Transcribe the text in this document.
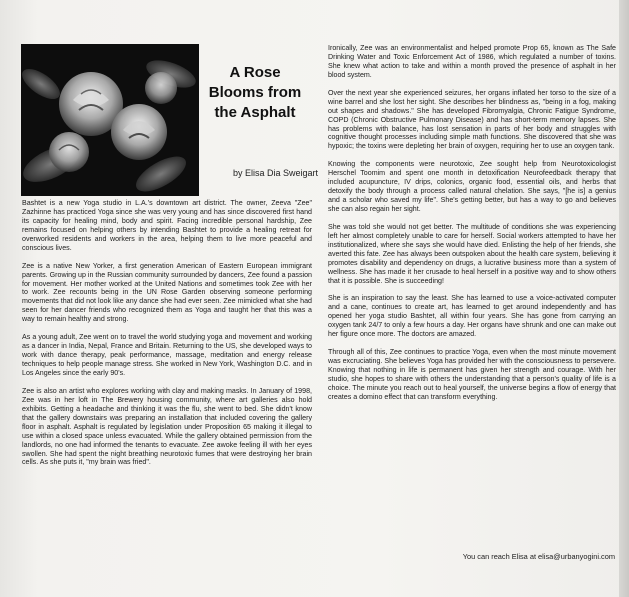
A Rose Blooms from the Asphalt
by Elisa Dia Sweigart

Bashtet is a new Yoga studio in L.A.'s downtown art district. The owner, Zeeva "Zee" Zazhinne has practiced Yoga since she was very young and has since discovered first hand its capacity for healing mind, body and spirit. Facing incredible personal hardship, Zee remains focused on helping others by intending Bashtet to provide a healing retreat for overworked residents and workers in the area, helping them to live more peaceful and conscious lives.

Zee is a native New Yorker, a first generation American of Eastern European immigrant parents. Growing up in the Russian community surrounded by dancers, Zee found a passion for movement. Her mother worked at the United Nations and sometimes took Zee with her to work. Zee recounts being in the UN Rose Garden observing someone performing movements that did not look like any dance she had ever seen. Zee mimicked what she had seen for her dancer friends who recognized them as Yoga and taught her that this was a way to remain healthy and strong.

As a young adult, Zee went on to travel the world studying yoga and movement and working as a dancer in India, Nepal, France and Britain. Returning to the US, she developed ways to work with dance therapy, peak performance, massage, meditation and energy release techniques to help people manage stress. She worked in New York, Washington D.C. and in Los Angeles since the early 90's.

Zee is also an artist who explores working with clay and making masks. In January of 1998, Zee was in her loft in The Brewery housing community, where art galleries also hold exhibits. Getting a headache and thinking it was the flu, she went to bed. She didn't know that the gallery downstairs was preparing an installation that included covering the gallery floor in asphalt. Asphalt is regulated by legislation under Proposition 65 making it illegal to use within a closed space unless evacuated. While the gallery obtained permission from the landlords, no one had informed the tenants to evacuate. Zee awoke feeling ill with her eyes swollen. She had spent the night breathing neurotoxic fumes that were destroying her brain cells. As she puts it, "my brain was fried".

Ironically, Zee was an environmentalist and helped promote Prop 65, known as The Safe Drinking Water and Toxic Enforcement Act of 1986, which regulated a number of toxins. She knew what action to take and within a month proved the presence of asphalt in her blood system.

Over the next year she experienced seizures, her organs inflated her torso to the size of a wine barrel and she lost her sight. She describes her blindness as, "being in a fog, making out shapes and shadows." She has developed Fibromyalgia, Chronic Fatigue Syndrome, COPD (Chronic Obstructive Pulmonary Disease) and has short-term memory lapses. She has problems with balance, has lost sensation in parts of her body and struggles with cognitive thought processes including simple math functions. She discovered that she was hypoxic; the toxins were depleting her brain of oxygen, requiring her to use an oxygen tank.

Knowing the components were neurotoxic, Zee sought help from Neurotoxicologist Herschel Toomim and spent one month in detoxification Neurofeedback therapy that included acupuncture, IV drips, colonics, organic food, essential oils, and herbs that detoxify the body through a process called natural chelation. She says, "[he is] a genius and a scholar who saved my life". She's getting better, but has a way to go and believes she can also regain her sight.

She was told she would not get better. The multitude of conditions she was experiencing left her almost completely unable to care for herself. Social workers attempted to have her institutionalized, where she says she would have died. Enlisting the help of her friends, she averted this fate. Zee has always been outspoken about the health care system, believing it promotes disability and dependency on drugs, a lucrative business more than a system of wellness. She has made it her crusade to heal herself in a positive way and to show others that it is possible. She is succeeding!

She is an inspiration to say the least. She has learned to use a voice-activated computer and a cane, continues to create art, has learned to get around independently and has opened her yoga studio Bashtet, all within four years. She has gone from carrying an oxygen tank 24/7 to only a few hours a day. Her organs have shrunk and one can make out her figure once more. The doctors are amazed.

Through all of this, Zee continues to practice Yoga, even when the most minute movement was excruciating. She believes Yoga has provided her with the consciousness to persevere. Knowing that nothing in life is permanent has given her strength and courage. With her studio, she hopes to share with others the understanding that a person's quality of life is a choice. The minute you reach out to heal yourself, the universe begins a flow of energy that creates a domino effect that can transform everything.

You can reach Elisa at elisa@urbanyogini.com
